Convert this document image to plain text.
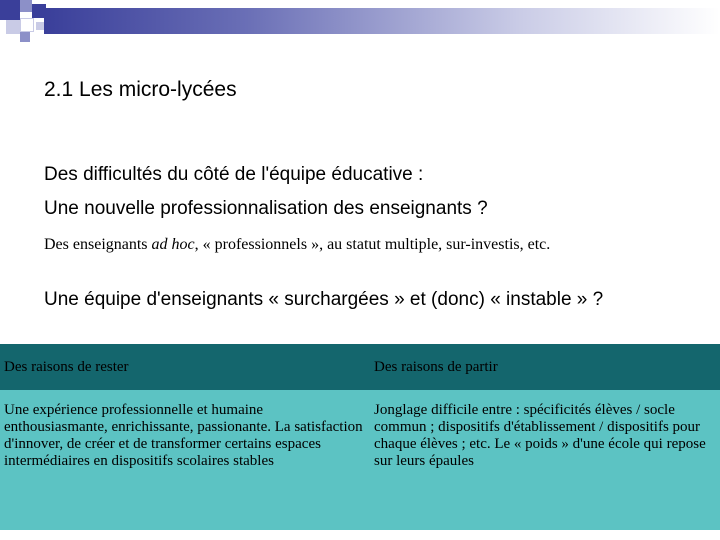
2.1 Les micro-lycées

Des difficultés du côté de l'équipe éducative :

Une nouvelle professionnalisation des enseignants ?

Des enseignants ad hoc, « professionnels », au statut multiple, sur-investis, etc.

Une équipe d'enseignants « surchargées » et (donc) « instable » ?

Des raisons de rester	Des raisons de partir
Une expérience professionnelle et humaine enthousiasmante, enrichissante, passionante. La satisfaction d'innover, de créer et de transformer certains espaces intermédiaires en dispositifs scolaires stables	Jonglage difficile entre : spécificités élèves / socle commun ; dispositifs d'établissement / dispositifs pour chaque élèves ; etc. Le « poids » d'une école qui repose sur leurs épaules
